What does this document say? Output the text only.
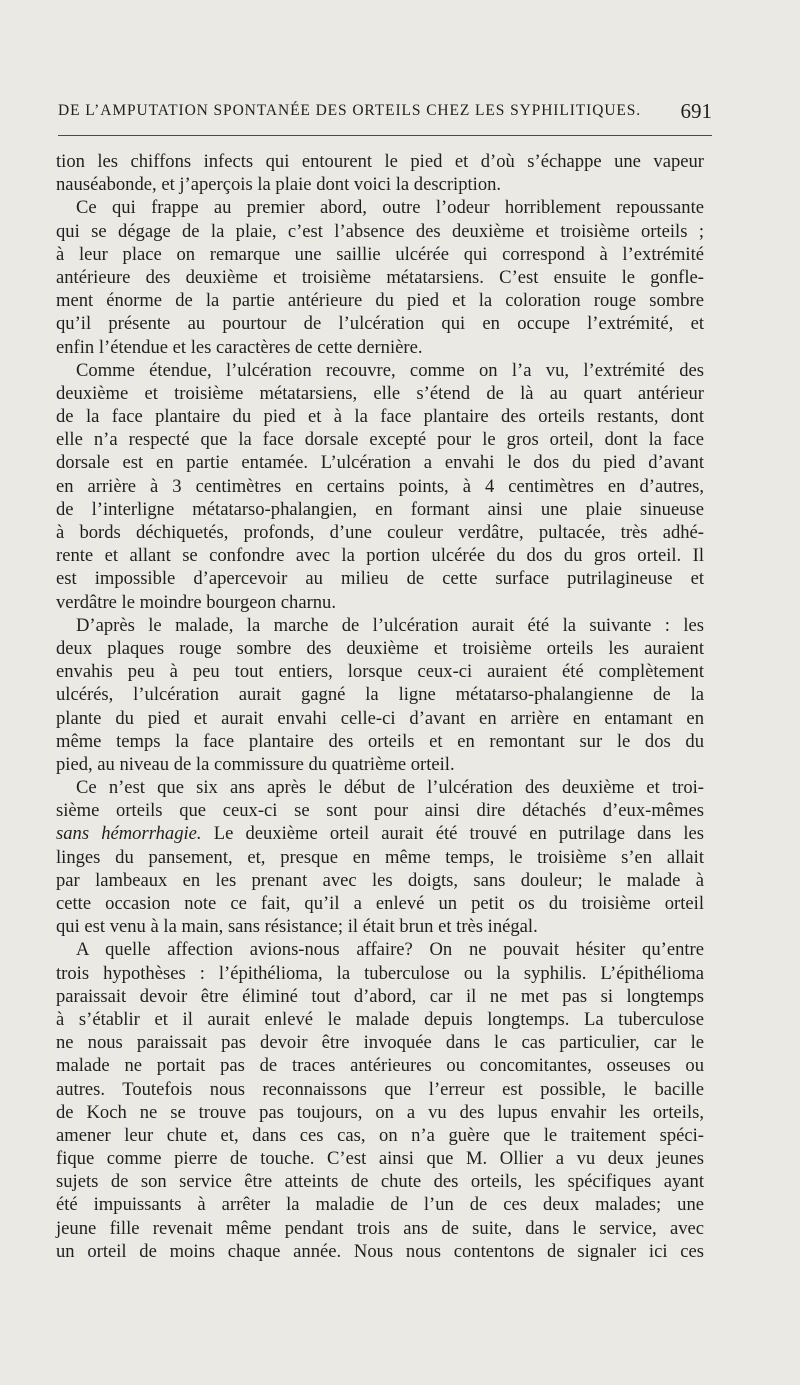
DE L’AMPUTATION SPONTANÉE DES ORTEILS CHEZ LES SYPHILITIQUES. 691
tion les chiffons infects qui entourent le pied et d’où s’échappe une vapeur
nauséabonde, et j’aperçois la plaie dont voici la description.
Ce qui frappe au premier abord, outre l’odeur horriblement repoussante
qui se dégage de la plaie, c’est l’absence des deuxième et troisième orteils ;
à leur place on remarque une saillie ulcérée qui correspond à l’extrémité
antérieure des deuxième et troisième métatarsiens. C’est ensuite le gonfle-
ment énorme de la partie antérieure du pied et la coloration rouge sombre
qu’il présente au pourtour de l’ulcération qui en occupe l’extrémité, et
enfin l’étendue et les caractères de cette dernière.
Comme étendue, l’ulcération recouvre, comme on l’a vu, l’extrémité des
deuxième et troisième métatarsiens, elle s’étend de là au quart antérieur
de la face plantaire du pied et à la face plantaire des orteils restants, dont
elle n’a respecté que la face dorsale excepté pour le gros orteil, dont la face
dorsale est en partie entamée. L’ulcération a envahi le dos du pied d’avant
en arrière à 3 centimètres en certains points, à 4 centimètres en d’autres,
de l’interligne métatarso-phalangien, en formant ainsi une plaie sinueuse
à bords déchiquetés, profonds, d’une couleur verdâtre, pultacée, très adhé-
rente et allant se confondre avec la portion ulcérée du dos du gros orteil. Il
est impossible d’apercevoir au milieu de cette surface putrilagineuse et
verdâtre le moindre bourgeon charnu.
D’après le malade, la marche de l’ulcération aurait été la suivante : les
deux plaques rouge sombre des deuxième et troisième orteils les auraient
envahis peu à peu tout entiers, lorsque ceux-ci auraient été complètement
ulcérés, l’ulcération aurait gagné la ligne métatarso-phalangienne de la
plante du pied et aurait envahi celle-ci d’avant en arrière en entamant en
même temps la face plantaire des orteils et en remontant sur le dos du
pied, au niveau de la commissure du quatrième orteil.
Ce n’est que six ans après le début de l’ulcération des deuxième et troi-
sième orteils que ceux-ci se sont pour ainsi dire détachés d’eux-mêmes
sans hémorrhagie. Le deuxième orteil aurait été trouvé en putrilage dans les
linges du pansement, et, presque en même temps, le troisième s’en allait
par lambeaux en les prenant avec les doigts, sans douleur; le malade à
cette occasion note ce fait, qu’il a enlevé un petit os du troisième orteil
qui est venu à la main, sans résistance; il était brun et très inégal.
A quelle affection avions-nous affaire? On ne pouvait hésiter qu’entre
trois hypothèses : l’épithélioma, la tuberculose ou la syphilis. L’épithélioma
paraissait devoir être éliminé tout d’abord, car il ne met pas si longtemps
à s’établir et il aurait enlevé le malade depuis longtemps. La tuberculose
ne nous paraissait pas devoir être invoquée dans le cas particulier, car le
malade ne portait pas de traces antérieures ou concomitantes, osseuses ou
autres. Toutefois nous reconnaissons que l’erreur est possible, le bacille
de Koch ne se trouve pas toujours, on a vu des lupus envahir les orteils,
amener leur chute et, dans ces cas, on n’a guère que le traitement spéci-
fique comme pierre de touche. C’est ainsi que M. Ollier a vu deux jeunes
sujets de son service être atteints de chute des orteils, les spécifiques ayant
été impuissants à arrêter la maladie de l’un de ces deux malades; une
jeune fille revenait même pendant trois ans de suite, dans le service, avec
un orteil de moins chaque année. Nous nous contentons de signaler ici ces
